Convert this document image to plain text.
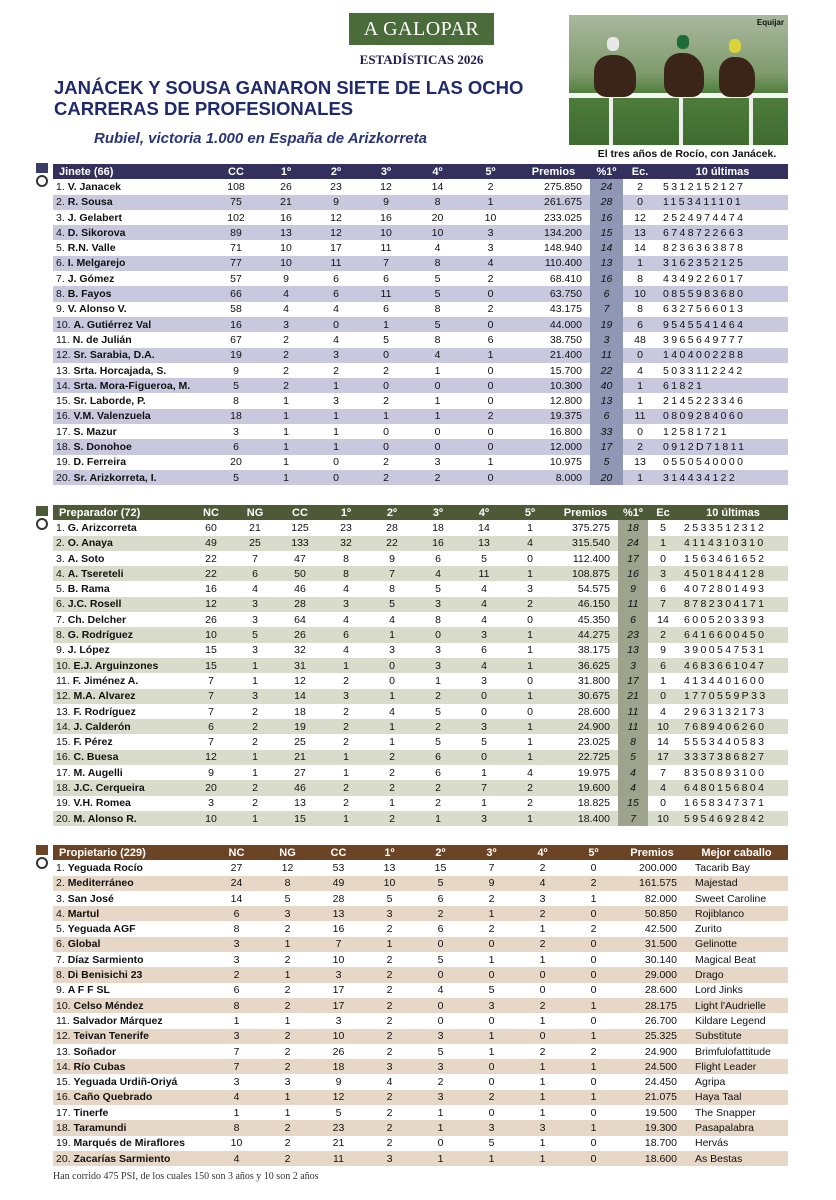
A GALOPAR
ESTADÍSTICAS 2026
JANÁCEK Y SOUSA GANARON SIETE DE LAS OCHO CARRERAS DE PROFESIONALES
Rubiel, victoria 1.000 en España de Arizkorreta
Equijar
El tres años de Rocío, con Janácek.
Jinete (66)	CC	1º	2º	3º	4º	5º	Premios	%1º	Ec.	10 últimas
1. V. Janacek	108	26	23	12	14	2	275.850	24	2	5312152127
2. R. Sousa	75	21	9	9	8	1	261.675	28	0	1153411101
3. J. Gelabert	102	16	12	16	20	10	233.025	16	12	2524974474
4. D. Sikorova	89	13	12	10	10	3	134.200	15	13	6748722663
5. R.N. Valle	71	10	17	11	4	3	148.940	14	14	8236363878
6. I. Melgarejo	77	10	11	7	8	4	110.400	13	1	3162352125
7. J. Gómez	57	9	6	6	5	2	68.410	16	8	4349226017
8. B. Fayos	66	4	6	11	5	0	63.750	6	10	0855983680
9. V. Alonso V.	58	4	4	6	8	2	43.175	7	8	6327566013
10. A. Gutiérrez Val	16	3	0	1	5	0	44.000	19	6	9545541464
11. N. de Julián	67	2	4	5	8	6	38.750	3	48	3965649777
12. Sr. Sarabia, D.A.	19	2	3	0	4	1	21.400	11	0	1404002288
13. Srta. Horcajada, S.	9	2	2	2	1	0	15.700	22	4	5033112242
14. Srta. Mora-Figueroa, M.	5	2	1	0	0	0	10.300	40	1	61821
15. Sr. Laborde, P.	8	1	3	2	1	0	12.800	13	1	2145223346
16. V.M. Valenzuela	18	1	1	1	1	2	19.375	6	11	0809284060
17. S. Mazur	3	1	1	0	0	0	16.800	33	0	12581721
18. S. Donohoe	6	1	1	0	0	0	12.000	17	2	0912D71811
19. D. Ferreira	20	1	0	2	3	1	10.975	5	13	0550540000
20. Sr. Arizkorreta, I.	5	1	0	2	2	0	8.000	20	1	314434122
Preparador (72)	NC	NG	CC	1º	2º	3º	4º	5º	Premios	%1º	Ec	10 últimas
1. G. Arizcorreta	60	21	125	23	28	18	14	1	375.275	18	5	2533512312
2. O. Anaya	49	25	133	32	22	16	13	4	315.540	24	1	4114310310
3. A. Soto	22	7	47	8	9	6	5	0	112.400	17	0	1563461652
4. A. Tsereteli	22	6	50	8	7	4	11	1	108.875	16	3	4501844128
5. B. Rama	16	4	46	4	8	5	4	3	54.575	9	6	4072801493
6. J.C. Rosell	12	3	28	3	5	3	4	2	46.150	11	7	8782304171
7. Ch. Delcher	26	3	64	4	4	8	4	0	45.350	6	14	6005203393
8. G. Rodríguez	10	5	26	6	1	0	3	1	44.275	23	2	6416600450
9. J. López	15	3	32	4	3	3	6	1	38.175	13	9	3900547531
10. E.J. Arguinzones	15	1	31	1	0	3	4	1	36.625	3	6	4683661047
11. F. Jiménez A.	7	1	12	2	0	1	3	0	31.800	17	1	4134401600
12. M.A. Alvarez	7	3	14	3	1	2	0	1	30.675	21	0	1770559P33
13. F. Rodríguez	7	2	18	2	4	5	0	0	28.600	11	4	2963132173
14. J. Calderón	6	2	19	2	1	2	3	1	24.900	11	10	7689406260
15. F. Pérez	7	2	25	2	1	5	5	1	23.025	8	14	5553440583
16. C. Buesa	12	1	21	1	2	6	0	1	22.725	5	17	3337386827
17. M. Augelli	9	1	27	1	2	6	1	4	19.975	4	7	8350893100
18. J.C. Cerqueira	20	2	46	2	2	2	7	2	19.600	4	4	6480156804
19. V.H. Romea	3	2	13	2	1	2	1	2	18.825	15	0	1658347371
20. M. Alonso R.	10	1	15	1	2	1	3	1	18.400	7	10	5954692842
Propietario (229)	NC	NG	CC	1º	2º	3º	4º	5º	Premios	Mejor caballo
1. Yeguada Rocío	27	12	53	13	15	7	2	0	200.000	Tacarib Bay
2. Mediterráneo	24	8	49	10	5	9	4	2	161.575	Majestad
3. San José	14	5	28	5	6	2	3	1	82.000	Sweet Caroline
4. Martul	6	3	13	3	2	1	2	0	50.850	Rojiblanco
5. Yeguada AGF	8	2	16	2	6	2	1	2	42.500	Zurito
6. Global	3	1	7	1	0	0	2	0	31.500	Gelinotte
7. Díaz Sarmiento	3	2	10	2	5	1	1	0	30.140	Magical Beat
8. Di Benisichi 23	2	1	3	2	0	0	0	0	29.000	Drago
9. A F F SL	6	2	17	2	4	5	0	0	28.600	Lord Jinks
10. Celso Méndez	8	2	17	2	0	3	2	1	28.175	Light l'Audrielle
11. Salvador Márquez	1	1	3	2	0	0	1	0	26.700	Kildare Legend
12. Teivan Tenerife	3	2	10	2	3	1	0	1	25.325	Substitute
13. Soñador	7	2	26	2	5	1	2	2	24.900	Brimfulofattitude
14. Río Cubas	7	2	18	3	3	0	1	1	24.500	Flight Leader
15. Yeguada Urdiñ-Oriyá	3	3	9	4	2	0	1	0	24.450	Agripa
16. Caño Quebrado	4	1	12	2	3	2	1	1	21.075	Haya Taal
17. Tinerfe	1	1	5	2	1	0	1	0	19.500	The Snapper
18. Taramundi	8	2	23	2	1	3	3	1	19.300	Pasapalabra
19. Marqués de Miraflores	10	2	21	2	0	5	1	0	18.700	Hervás
20. Zacarías Sarmiento	4	2	11	3	1	1	1	0	18.600	As Bestas
Han corrido 475 PSI, de los cuales 150 son 3 años y 10 son 2 años
